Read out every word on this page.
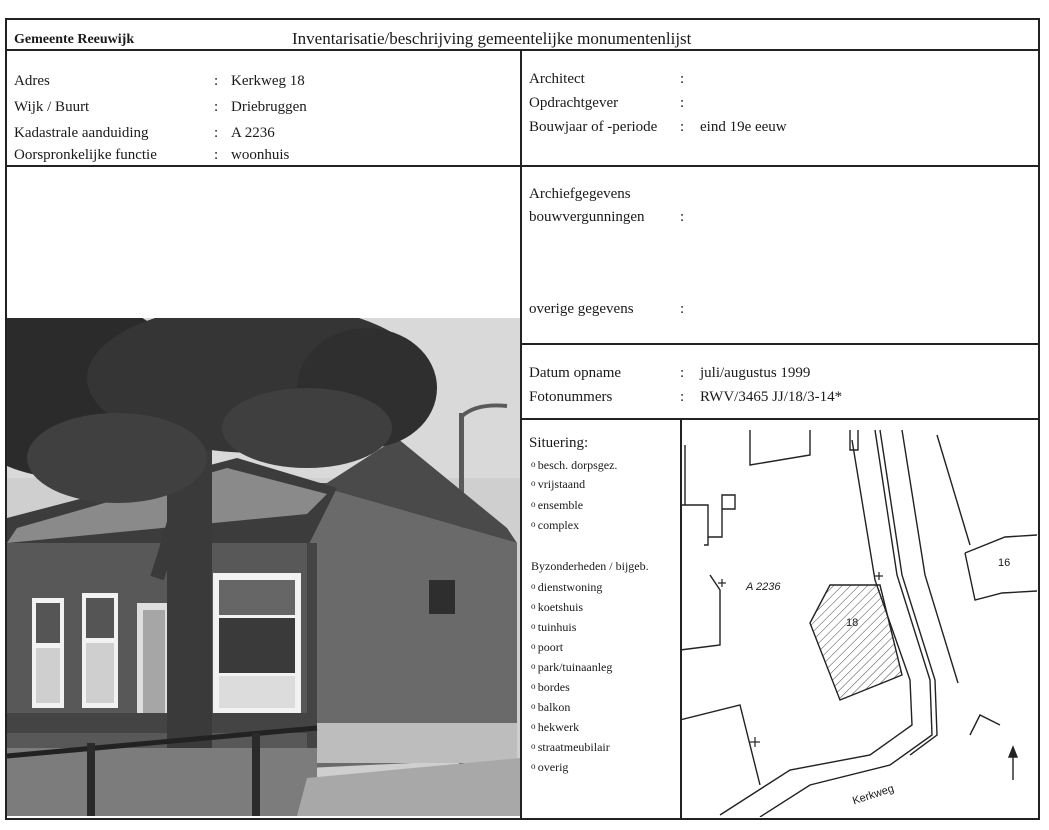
Gemeente Reeuwijk	Inventarisatie/beschrijving gemeentelijke monumentenlijst
Adres	: Kerkweg 18
Wijk / Buurt	: Driebruggen
Kadastrale aanduiding	: A 2236
Oorspronkelijke functie	: woonhuis
Architect	:
Opdrachtgever	:
Bouwjaar of -periode : eind 19e eeuw
Archiefgegevens
bouwvergunningen :
overige gegevens	:
Datum opname	: juli/augustus 1999
Fotonummers	: RWV/3465 JJ/18/3-14*
Situering:
o besch. dorpsgez.
o vrijstaand
o ensemble
o complex
Byzonderheden / bijgeb.
o dienstwoning
o koetshuis
o tuinhuis
o poort
o park/tuinaanleg
o bordes
o balkon
o hekwerk
o straatmeubilair
o overig
A 2236
18
16
Kerkweg
